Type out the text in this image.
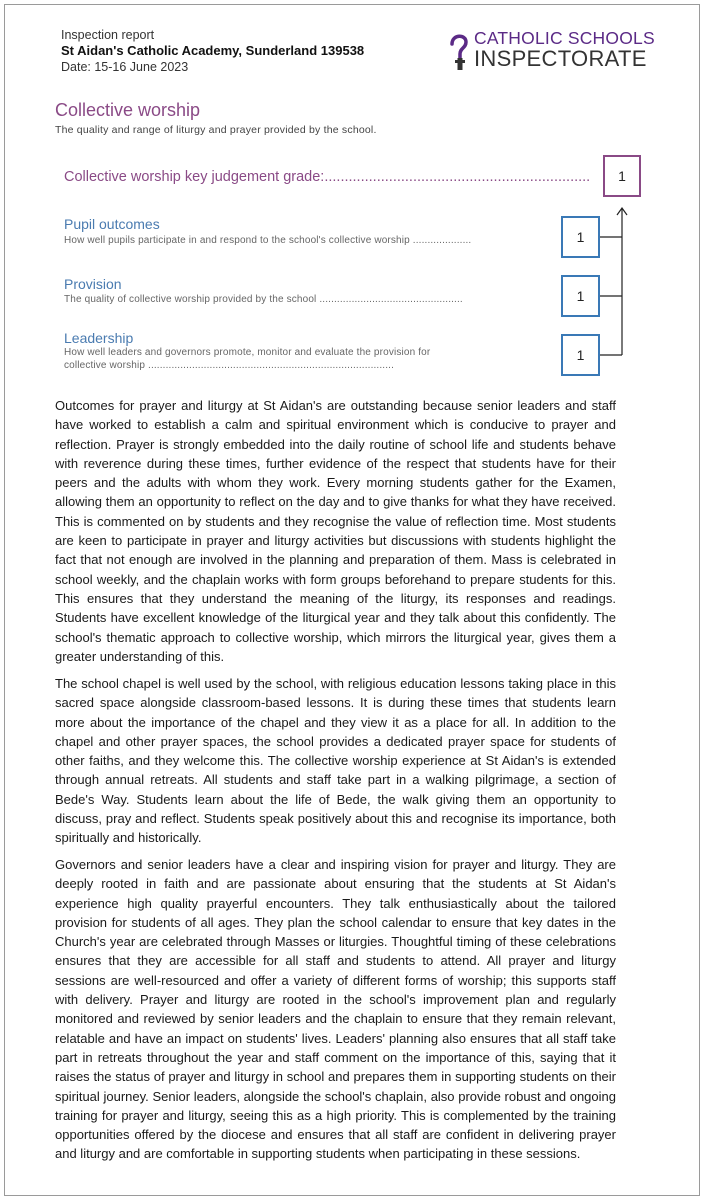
Inspection report
St Aidan's Catholic Academy, Sunderland 139538
Date: 15-16 June 2023
CATHOLIC SCHOOLS
INSPECTORATE
Collective worship
The quality and range of liturgy and prayer provided by the school.
Collective worship key judgement grade:.................................................................. 1
Pupil outcomes
How well pupils participate in and respond to the school's collective worship ....................	1
Provision
The quality of collective worship provided by the school .................................................	1
Leadership
How well leaders and governors promote, monitor and evaluate the provision for
collective worship ....................................................................................
1
Outcomes for prayer and liturgy at St Aidan's are outstanding because senior leaders and staff have worked to establish a calm and spiritual environment which is conducive to prayer and reflection. Prayer is strongly embedded into the daily routine of school life and students behave with reverence during these times, further evidence of the respect that students have for their peers and the adults with whom they work. Every morning students gather for the Examen, allowing them an opportunity to reflect on the day and to give thanks for what they have received. This is commented on by students and they recognise the value of reflection time. Most students are keen to participate in prayer and liturgy activities but discussions with students highlight the fact that not enough are involved in the planning and preparation of them. Mass is celebrated in school weekly, and the chaplain works with form groups beforehand to prepare students for this. This ensures that they understand the meaning of the liturgy, its responses and readings. Students have excellent knowledge of the liturgical year and they talk about this confidently. The school's thematic approach to collective worship, which mirrors the liturgical year, gives them a greater understanding of this.
The school chapel is well used by the school, with religious education lessons taking place in this sacred space alongside classroom-based lessons. It is during these times that students learn more about the importance of the chapel and they view it as a place for all. In addition to the chapel and other prayer spaces, the school provides a dedicated prayer space for students of other faiths, and they welcome this. The collective worship experience at St Aidan's is extended through annual retreats. All students and staff take part in a walking pilgrimage, a section of Bede's Way. Students learn about the life of Bede, the walk giving them an opportunity to discuss, pray and reflect. Students speak positively about this and recognise its importance, both spiritually and historically.
Governors and senior leaders have a clear and inspiring vision for prayer and liturgy. They are deeply rooted in faith and are passionate about ensuring that the students at St Aidan's experience high quality prayerful encounters. They talk enthusiastically about the tailored provision for students of all ages. They plan the school calendar to ensure that key dates in the Church's year are celebrated through Masses or liturgies. Thoughtful timing of these celebrations ensures that they are accessible for all staff and students to attend. All prayer and liturgy sessions are well-resourced and offer a variety of different forms of worship; this supports staff with delivery. Prayer and liturgy are rooted in the school's improvement plan and regularly monitored and reviewed by senior leaders and the chaplain to ensure that they remain relevant, relatable and have an impact on students' lives. Leaders' planning also ensures that all staff take part in retreats throughout the year and staff comment on the importance of this, saying that it raises the status of prayer and liturgy in school and prepares them in supporting students on their spiritual journey. Senior leaders, alongside the school's chaplain, also provide robust and ongoing training for prayer and liturgy, seeing this as a high priority. This is complemented by the training opportunities offered by the diocese and ensures that all staff are confident in delivering prayer and liturgy and are comfortable in supporting students when participating in these sessions.
